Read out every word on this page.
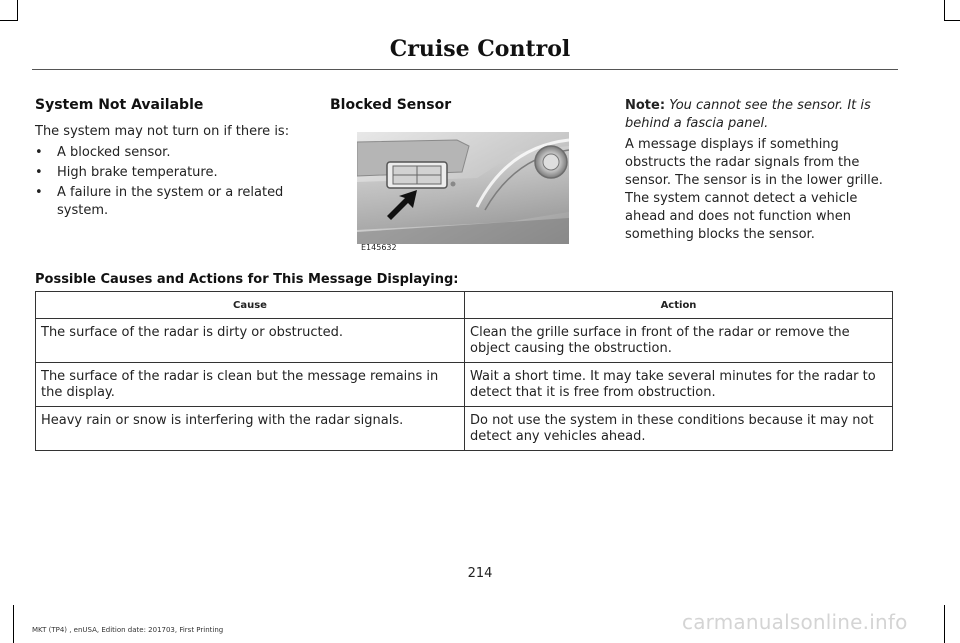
Cruise Control
System Not Available
The system may not turn on if there is:
• A blocked sensor.
• High brake temperature.
• A failure in the system or a related system.
Blocked Sensor
E145632
Note: You cannot see the sensor. It is behind a fascia panel.
A message displays if something obstructs the radar signals from the sensor. The sensor is in the lower grille. The system cannot detect a vehicle ahead and does not function when something blocks the sensor.
Possible Causes and Actions for This Message Displaying:
Cause	Action
The surface of the radar is dirty or obstructed.	Clean the grille surface in front of the radar or remove the object causing the obstruction.
The surface of the radar is clean but the message remains in the display.	Wait a short time. It may take several minutes for the radar to detect that it is free from obstruction.
Heavy rain or snow is interfering with the radar signals.	Do not use the system in these conditions because it may not detect any vehicles ahead.
214
MKT (TP4) , enUSA, Edition date: 201703, First Printing	carmanualsonline.info
